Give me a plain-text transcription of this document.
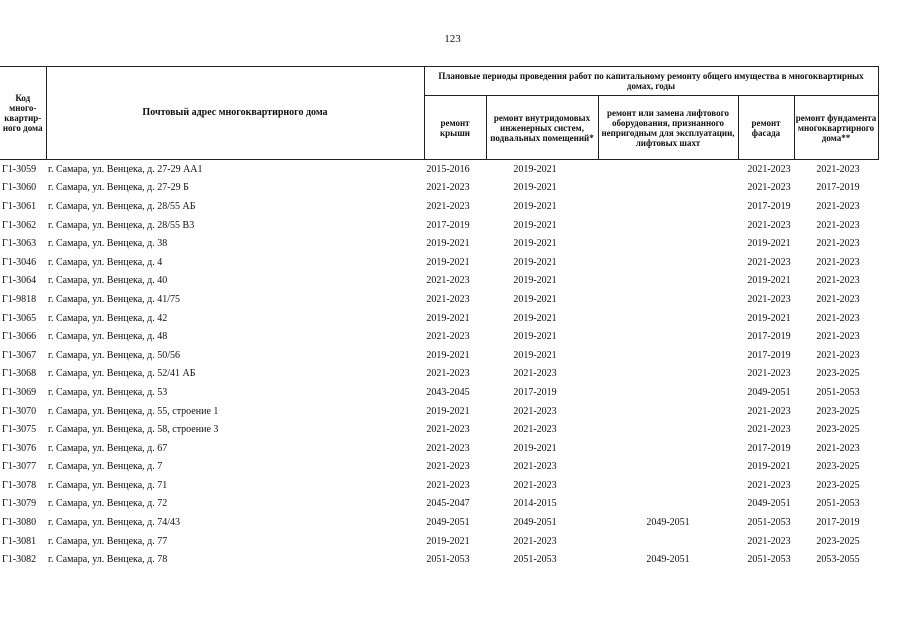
123
Код много-квартир-ного дома	Почтовый адрес многоквартирного дома	Плановые периоды проведения работ по капитальному ремонту общего имущества в многоквартирных домах, годы				
		ремонт крыши	ремонт внутридомовых инженерных систем, подвальных помещений*	ремонт или замена лифтового оборудования, признанного непригодным для эксплуатации, лифтовых шахт	ремонт фасада	ремонт фундамента многоквартирного дома**
Г1-3059	г. Самара, ул. Венцека, д. 27-29 АА1	2015-2016	2019-2021		2021-2023	2021-2023
Г1-3060	г. Самара, ул. Венцека, д. 27-29 Б	2021-2023	2019-2021		2021-2023	2017-2019
Г1-3061	г. Самара, ул. Венцека, д. 28/55 АБ	2021-2023	2019-2021		2017-2019	2021-2023
Г1-3062	г. Самара, ул. Венцека, д. 28/55 В3	2017-2019	2019-2021		2021-2023	2021-2023
Г1-3063	г. Самара, ул. Венцека, д. 38	2019-2021	2019-2021		2019-2021	2021-2023
Г1-3046	г. Самара, ул. Венцека, д. 4	2019-2021	2019-2021		2021-2023	2021-2023
Г1-3064	г. Самара, ул. Венцека, д. 40	2021-2023	2019-2021		2019-2021	2021-2023
Г1-9818	г. Самара, ул. Венцека, д. 41/75	2021-2023	2019-2021		2021-2023	2021-2023
Г1-3065	г. Самара, ул. Венцека, д. 42	2019-2021	2019-2021		2019-2021	2021-2023
Г1-3066	г. Самара, ул. Венцека, д. 48	2021-2023	2019-2021		2017-2019	2021-2023
Г1-3067	г. Самара, ул. Венцека, д. 50/56	2019-2021	2019-2021		2017-2019	2021-2023
Г1-3068	г. Самара, ул. Венцека, д. 52/41 АБ	2021-2023	2021-2023		2021-2023	2023-2025
Г1-3069	г. Самара, ул. Венцека, д. 53	2043-2045	2017-2019		2049-2051	2051-2053
Г1-3070	г. Самара, ул. Венцека, д. 55, строение 1	2019-2021	2021-2023		2021-2023	2023-2025
Г1-3075	г. Самара, ул. Венцека, д. 58, строение 3	2021-2023	2021-2023		2021-2023	2023-2025
Г1-3076	г. Самара, ул. Венцека, д. 67	2021-2023	2019-2021		2017-2019	2021-2023
Г1-3077	г. Самара, ул. Венцека, д. 7	2021-2023	2021-2023		2019-2021	2023-2025
Г1-3078	г. Самара, ул. Венцека, д. 71	2021-2023	2021-2023		2021-2023	2023-2025
Г1-3079	г. Самара, ул. Венцека, д. 72	2045-2047	2014-2015		2049-2051	2051-2053
Г1-3080	г. Самара, ул. Венцека, д. 74/43	2049-2051	2049-2051	2049-2051	2051-2053	2017-2019
Г1-3081	г. Самара, ул. Венцека, д. 77	2019-2021	2021-2023		2021-2023	2023-2025
Г1-3082	г. Самара, ул. Венцека, д. 78	2051-2053	2051-2053	2049-2051	2051-2053	2053-2055
